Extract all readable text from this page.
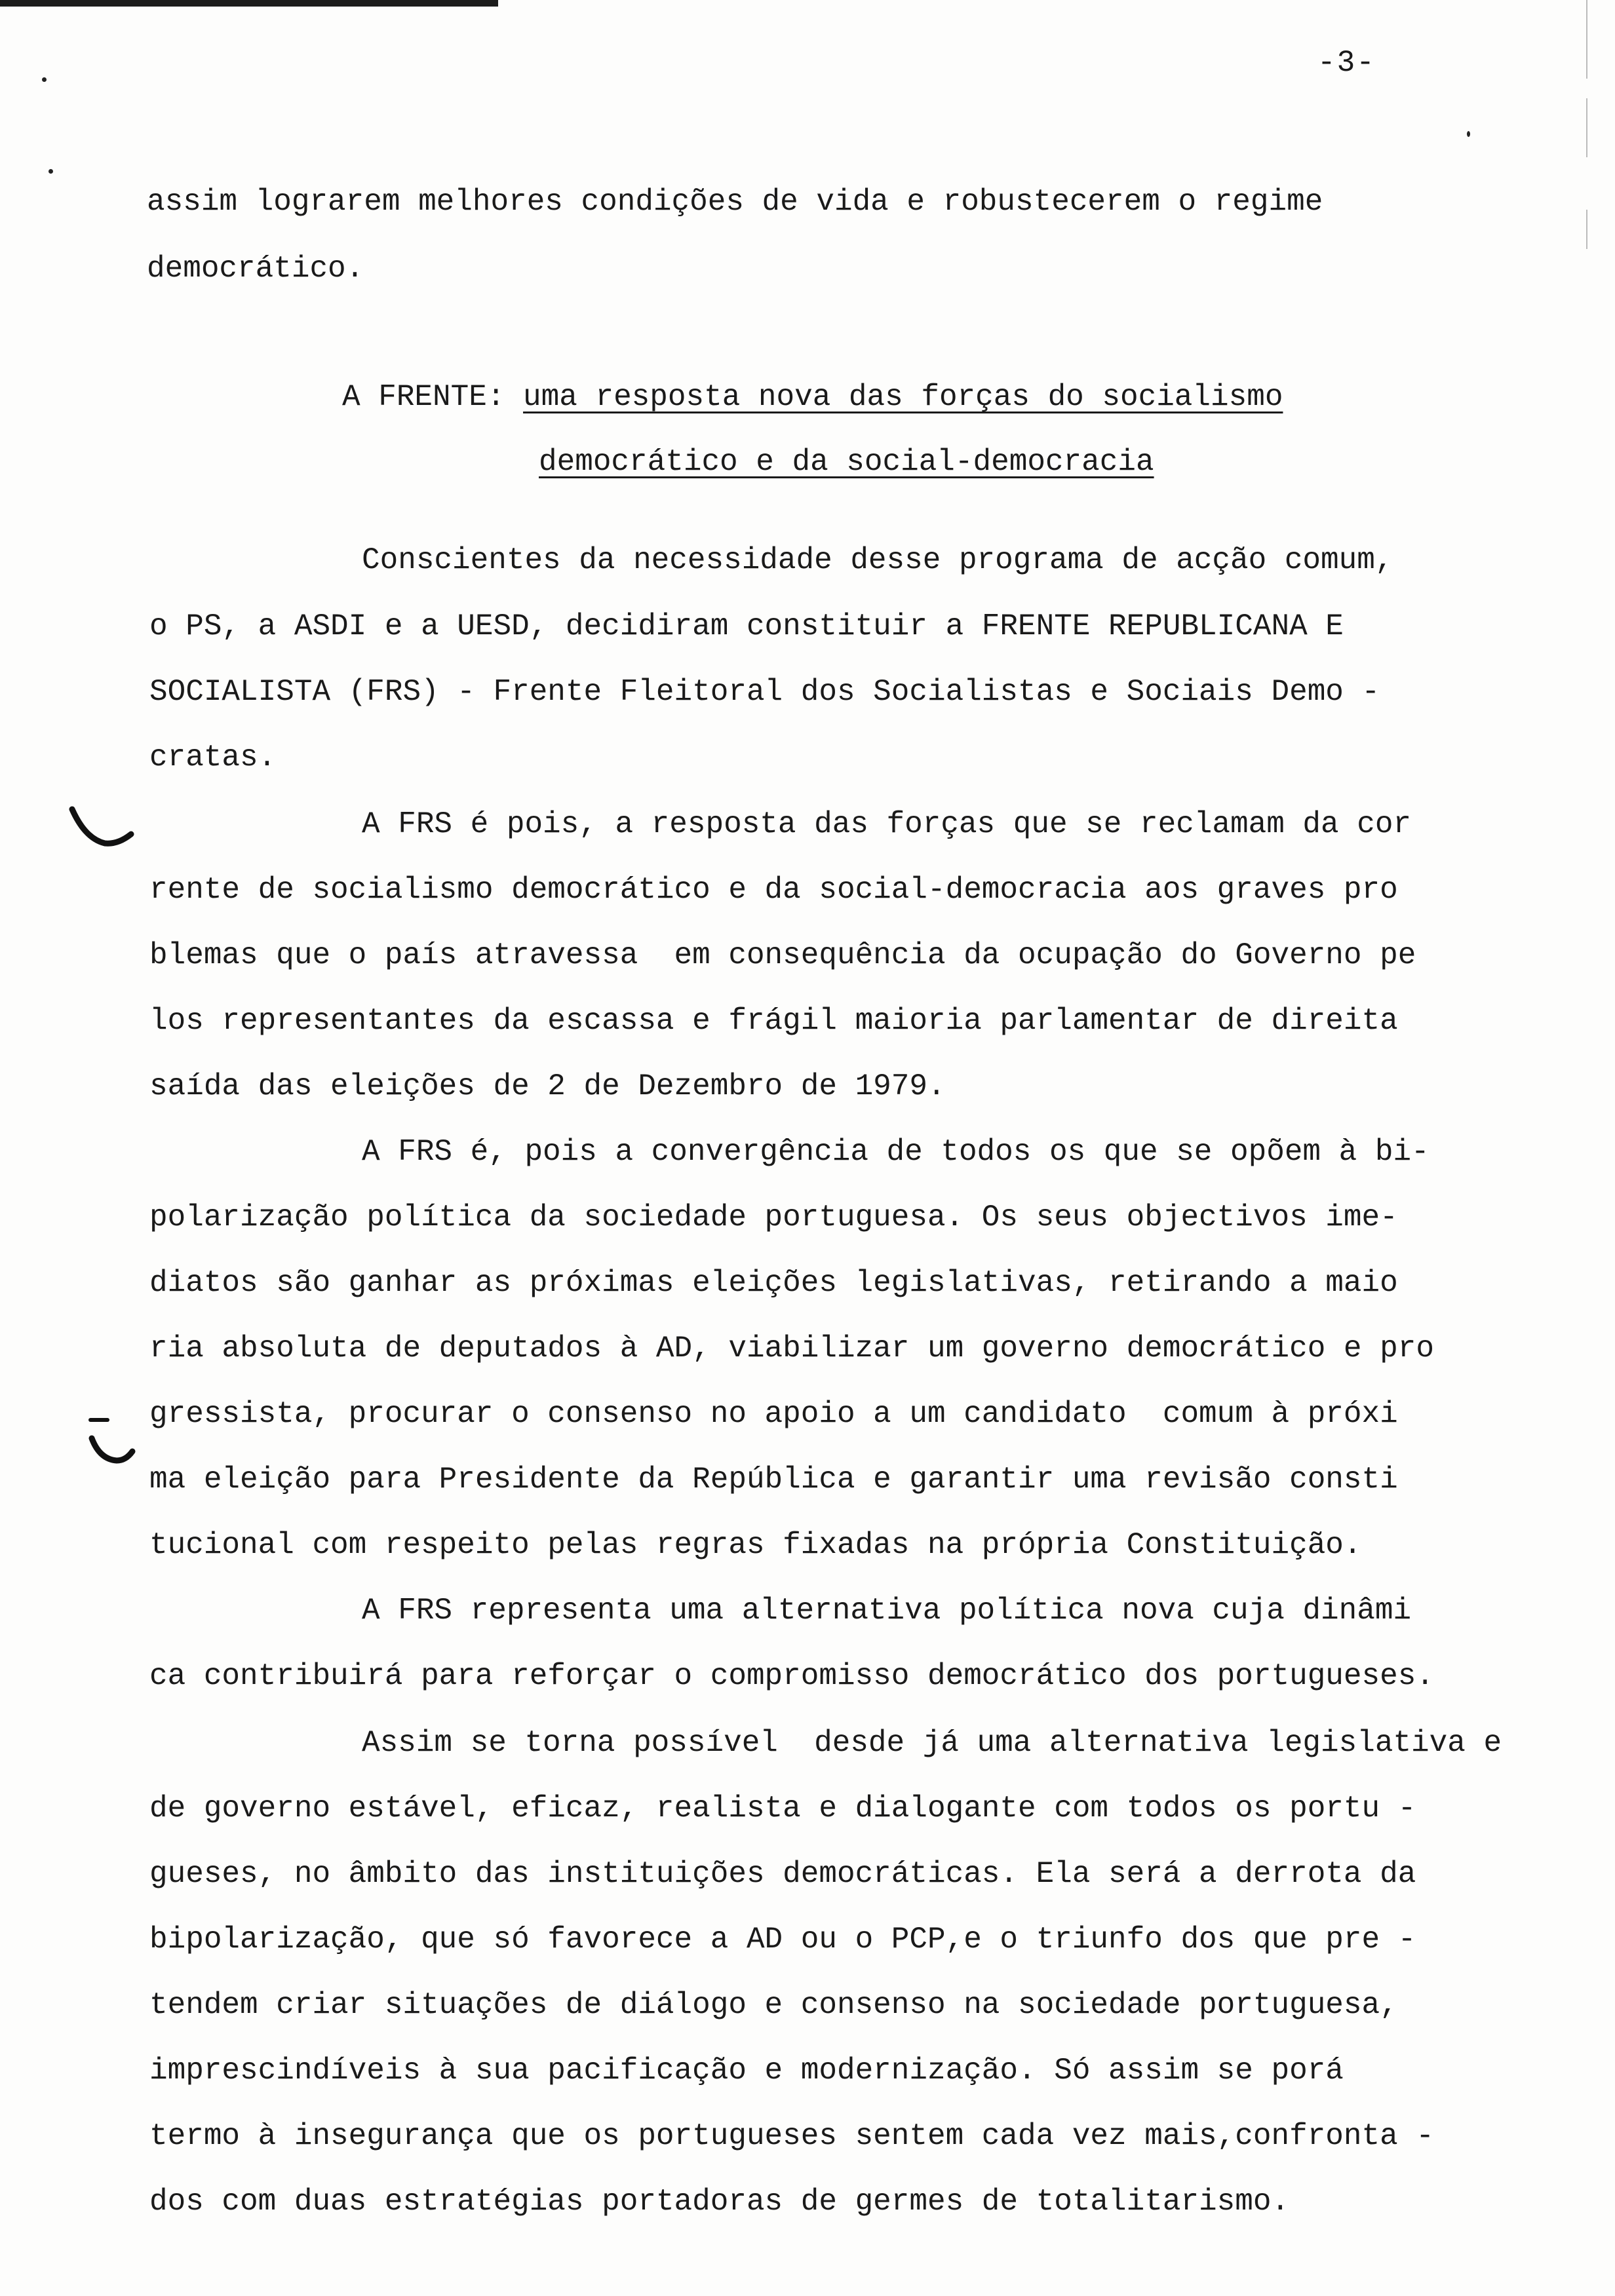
-3-
assim lograrem melhores condições de vida e robustecerem o regime
democrático.
A FRENTE: uma resposta nova das forças do socialismo
democrático e da social-democracia
Conscientes da necessidade desse programa de acção comum,
o PS, a ASDI e a UESD, decidiram constituir a FRENTE REPUBLICANA E
SOCIALISTA (FRS) - Frente Fleitoral dos Socialistas e Sociais Demo -
cratas.
A FRS é pois, a resposta das forças que se reclamam da cor
rente de socialismo democrático e da social-democracia aos graves pro
blemas que o país atravessa  em consequência da ocupação do Governo pe
los representantes da escassa e frágil maioria parlamentar de direita
saída das eleições de 2 de Dezembro de 1979.
A FRS é, pois a convergência de todos os que se opõem à bi-
polarização política da sociedade portuguesa. Os seus objectivos ime-
diatos são ganhar as próximas eleições legislativas, retirando a maio
ria absoluta de deputados à AD, viabilizar um governo democrático e pro
gressista, procurar o consenso no apoio a um candidato  comum à próxi
ma eleição para Presidente da República e garantir uma revisão consti
tucional com respeito pelas regras fixadas na própria Constituição.
A FRS representa uma alternativa política nova cuja dinâmi
ca contribuirá para reforçar o compromisso democrático dos portugueses.
Assim se torna possível  desde já uma alternativa legislativa e
de governo estável, eficaz, realista e dialogante com todos os portu -
gueses, no âmbito das instituições democráticas. Ela será a derrota da
bipolarização, que só favorece a AD ou o PCP,e o triunfo dos que pre -
tendem criar situações de diálogo e consenso na sociedade portuguesa,
imprescindíveis à sua pacificação e modernização. Só assim se porá
termo à insegurança que os portugueses sentem cada vez mais,confronta -
dos com duas estratégias portadoras de germes de totalitarismo.
